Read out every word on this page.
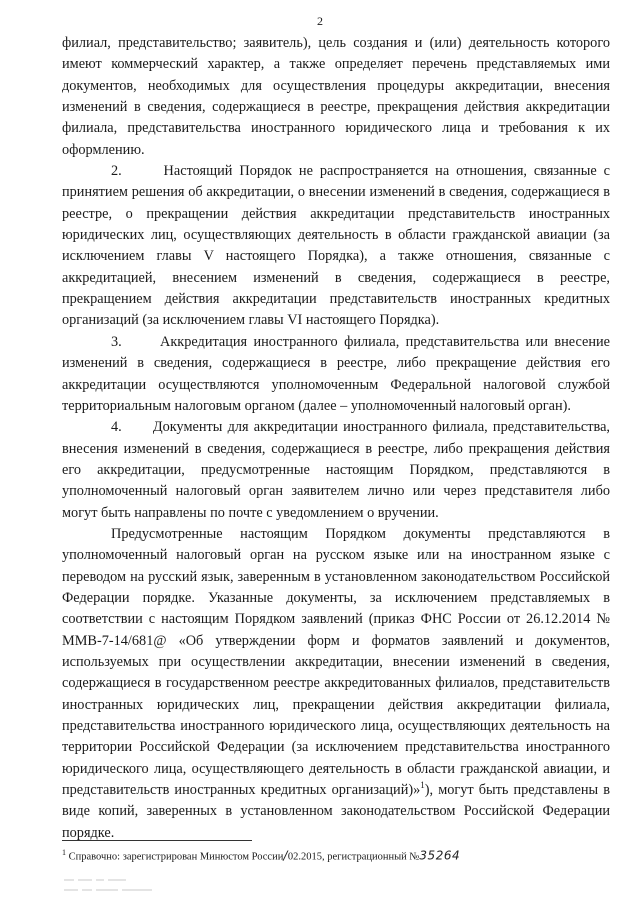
2

филиал, представительство; заявитель), цель создания и (или) деятельность которого имеют коммерческий характер, а также определяет перечень представляемых ими документов, необходимых для осуществления процедуры аккредитации, внесения изменений в сведения, содержащиеся в реестре, прекращения действия аккредитации филиала, представительства иностранного юридического лица и требования к их оформлению.

2.      Настоящий Порядок не распространяется на отношения, связанные с принятием решения об аккредитации, о внесении изменений в сведения, содержащиеся в реестре, о прекращении действия аккредитации представительств иностранных юридических лиц, осуществляющих деятельность в области гражданской авиации (за исключением главы V настоящего Порядка), а также отношения, связанные с аккредитацией, внесением изменений в сведения, содержащиеся в реестре, прекращением действия аккредитации представительств иностранных кредитных организаций (за исключением главы VI настоящего Порядка).

3.      Аккредитация иностранного филиала, представительства или внесение изменений в сведения, содержащиеся в реестре, либо прекращение действия его аккредитации осуществляются уполномоченным Федеральной налоговой службой территориальным налоговым органом (далее – уполномоченный налоговый орган).

4.      Документы для аккредитации иностранного филиала, представительства, внесения изменений в сведения, содержащиеся в реестре, либо прекращения действия его аккредитации, предусмотренные настоящим Порядком, представляются в уполномоченный налоговый орган заявителем лично или через представителя либо могут быть направлены по почте с уведомлением о вручении.

Предусмотренные настоящим Порядком документы представляются в уполномоченный налоговый орган на русском языке или на иностранном языке с переводом на русский язык, заверенным в установленном законодательством Российской Федерации порядке. Указанные документы, за исключением представляемых в соответствии с настоящим Порядком заявлений (приказ ФНС России от 26.12.2014 № ММВ-7-14/681@ «Об утверждении форм и форматов заявлений и документов, используемых при осуществлении аккредитации, внесении изменений в сведения, содержащиеся в государственном реестре аккредитованных филиалов, представительств иностранных юридических лиц, прекращении действия аккредитации филиала, представительства иностранного юридического лица, осуществляющих деятельность на территории Российской Федерации (за исключением представительства иностранного юридического лица, осуществляющего деятельность в области гражданской авиации, и представительств иностранных кредитных организаций)»$^1$), могут быть представлены в виде копий, заверенных в установленном законодательством Российской Федерации порядке.

$^1$ Справочно: зарегистрирован Минюстом России/02.2015, регистрационный №35264
